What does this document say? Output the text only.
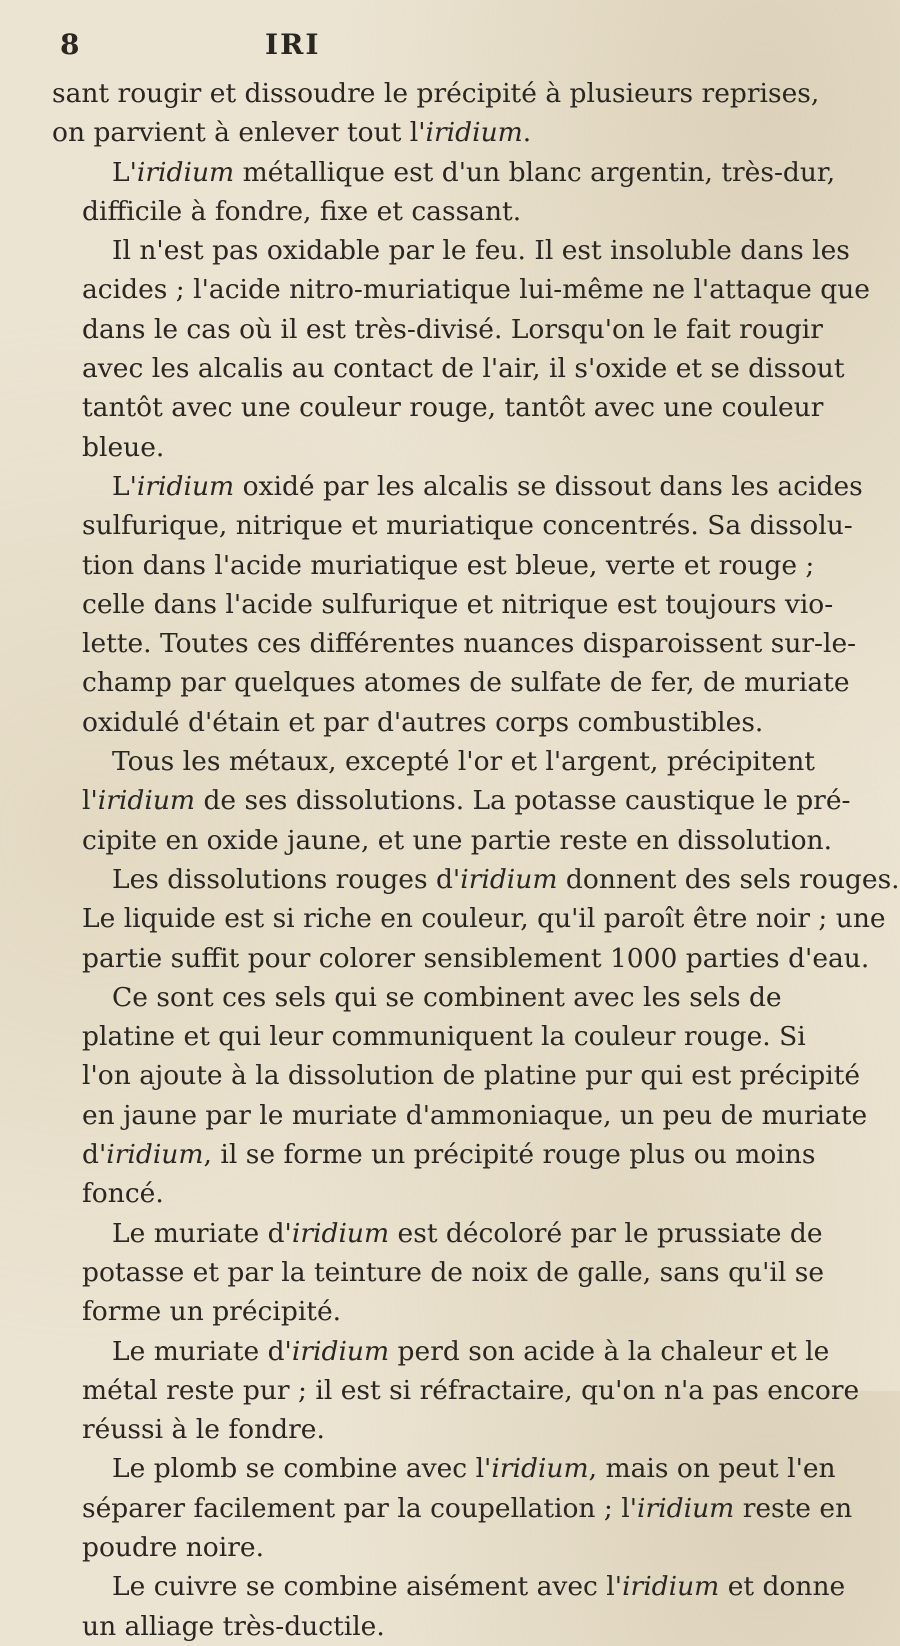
8	IRI

sant rougir et dissoudre le précipité à plusieurs reprises,
on parvient à enlever tout l'iridium.

L'iridium métallique est d'un blanc argentin, très-dur,
difficile à fondre, fixe et cassant.

Il n'est pas oxidable par le feu. Il est insoluble dans les
acides ; l'acide nitro-muriatique lui-même ne l'attaque que
dans le cas où il est très-divisé. Lorsqu'on le fait rougir
avec les alcalis au contact de l'air, il s'oxide et se dissout
tantôt avec une couleur rouge, tantôt avec une couleur
bleue.

L'iridium oxidé par les alcalis se dissout dans les acides
sulfurique, nitrique et muriatique concentrés. Sa dissolu-
tion dans l'acide muriatique est bleue, verte et rouge ;
celle dans l'acide sulfurique et nitrique est toujours vio-
lette. Toutes ces différentes nuances disparoissent sur-le-
champ par quelques atomes de sulfate de fer, de muriate
oxidulé d'étain et par d'autres corps combustibles.

Tous les métaux, excepté l'or et l'argent, précipitent
l'iridium de ses dissolutions. La potasse caustique le pré-
cipite en oxide jaune, et une partie reste en dissolution.

Les dissolutions rouges d'iridium donnent des sels rouges.
Le liquide est si riche en couleur, qu'il paroît être noir ; une
partie suffit pour colorer sensiblement 1000 parties d'eau.

Ce sont ces sels qui se combinent avec les sels de
platine et qui leur communiquent la couleur rouge. Si
l'on ajoute à la dissolution de platine pur qui est précipité
en jaune par le muriate d'ammoniaque, un peu de muriate
d'iridium, il se forme un précipité rouge plus ou moins
foncé.

Le muriate d'iridium est décoloré par le prussiate de
potasse et par la teinture de noix de galle, sans qu'il se
forme un précipité.

Le muriate d'iridium perd son acide à la chaleur et le
métal reste pur ; il est si réfractaire, qu'on n'a pas encore
réussi à le fondre.

Le plomb se combine avec l'iridium, mais on peut l'en
séparer facilement par la coupellation ; l'iridium reste en
poudre noire.

Le cuivre se combine aisément avec l'iridium et donne
un alliage très-ductile.
